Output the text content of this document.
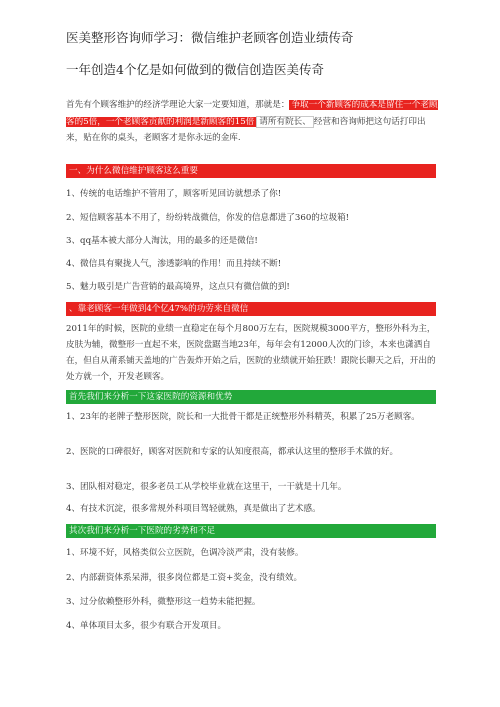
医美整形咨询师学习：微信维护老顾客创造业绩传奇
一年创造4个亿是如何做到的微信创造医美传奇
首先有个顾客维护的经济学理论大家一定要知道，那就是： 争取一个新顾客的成本是留住一个老顾客的5倍，一个老顾客贡献的利润是新顾客的15倍 请所有院长、 经营和咨询师把这句话打印出来，贴在你的桌头，老顾客才是你永远的金库.
一、为什么微信维护顾客这么重要
1、传统的电话维护不管用了，顾客听见回访就想杀了你!
2、短信顾客基本不用了，纷纷转战微信，你发的信息都进了360的垃圾箱!
3、qq基本被大部分人淘汰，用的最多的还是微信!
4、微信具有聚拢人气，渗透影响的作用！而且持续不断!
5、魅力吸引是广告营销的最高境界，这点只有微信做的到!
、靠老顾客一年做到4个亿47%的功劳来自微信
2011年的时候，医院的业绩一直稳定在每个月800万左右，医院规模3000平方，整形外科为主，皮肤为辅，微整形一直起不来，医院盘踞当地23年，每年会有12000人次的门诊，本来也潇洒自在，但自从莆系铺天盖地的广告轰炸开始之后，医院的业绩就开始狂跌！跟院长聊天之后，开出的处方就一个，开发老顾客。
首先我们来分析一下这家医院的资源和优势
1、23年的老牌子整形医院，院长和一大批骨干都是正统整形外科精英，积累了25万老顾客。
2、医院的口碑很好，顾客对医院和专家的认知度很高，都承认这里的整形手术做的好。
3、团队相对稳定，很多老员工从学校毕业就在这里干，一干就是十几年。
4、有技术沉淀，很多常规外科项目驾轻就熟，真是做出了艺术感。
其次我们来分析一下医院的劣势和不足
1、环境不好，风格类似公立医院，色调冷淡严肃，没有装修。
2、内部薪资体系呆滞，很多岗位都是工资+奖金，没有绩效。
3、过分依赖整形外科，微整形这一趋势未能把握。
4、单体项目太多，很少有联合开发项目。
